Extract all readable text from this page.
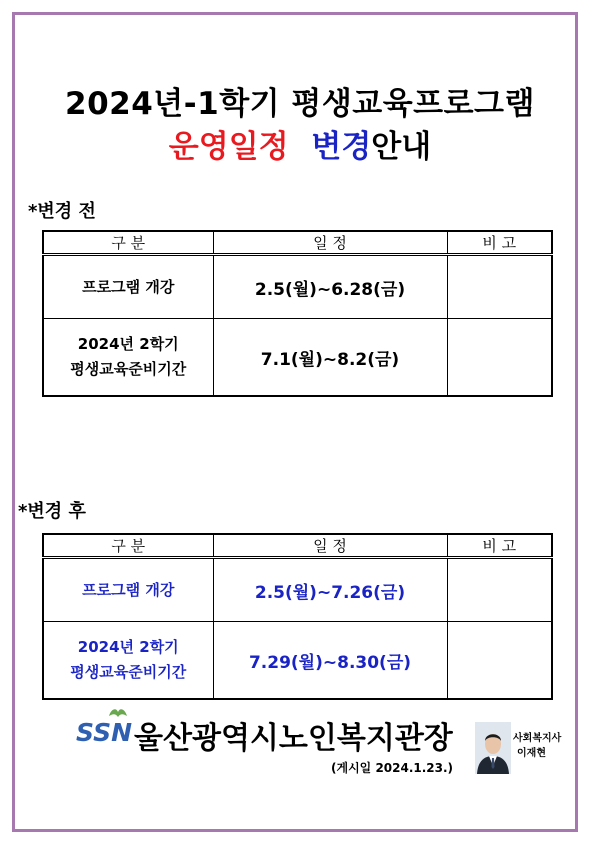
2024년-1학기 평생교육프로그램
운영일정 변경안내
*변경 전
구 분	일 정	비 고
프로그램 개강	2.5(월)~6.28(금)	

2024년 2학기
평생교육준비기간	7.1(월)~8.2(금)	
*변경 후
구 분	일 정	비 고
프로그램 개강	2.5(월)~7.26(금)	

2024년 2학기
평생교육준비기간	7.29(월)~8.30(금)	
SSN 울산광역시노인복지관장
(게시일 2024.1.23.)
사회복지사
이재현
